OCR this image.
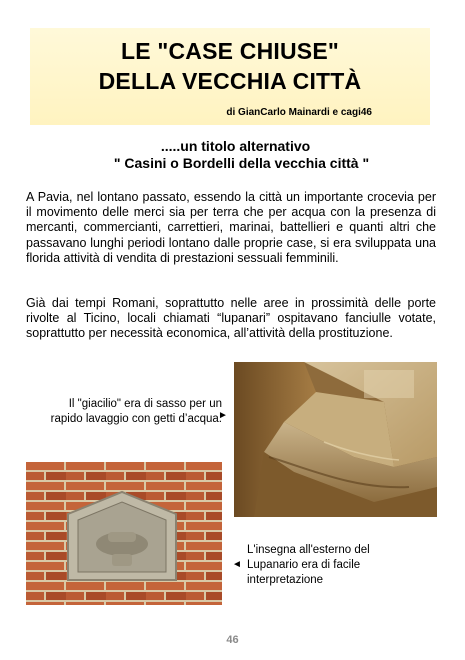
LE "CASE CHIUSE"
DELLA VECCHIA CITTÀ
di GianCarlo Mainardi e cagi46
.....un titolo alternativo
" Casini o Bordelli della vecchia città "
A Pavia, nel lontano passato, essendo la città un importante crocevia per il movimento delle merci sia per terra che per acqua con la presenza di mercanti, commercianti, carrettieri, marinai, battellieri e quanti altri che passavano lunghi periodi lontano dalle proprie case, si era sviluppata una florida attività di vendita di prestazioni sessuali femminili.
Già dai tempi Romani, soprattutto nelle aree in prossimità delle porte rivolte al Ticino, locali chiamati “lupanari” ospitavano fanciulle votate, soprattutto per necessità economica, all’attività della prostituzione.
Il "giacilio" era di sasso per un rapido lavaggio con getti d’acqua.
►
◄
L'insegna all'esterno del Lupanario era di facile interpretazione
46
